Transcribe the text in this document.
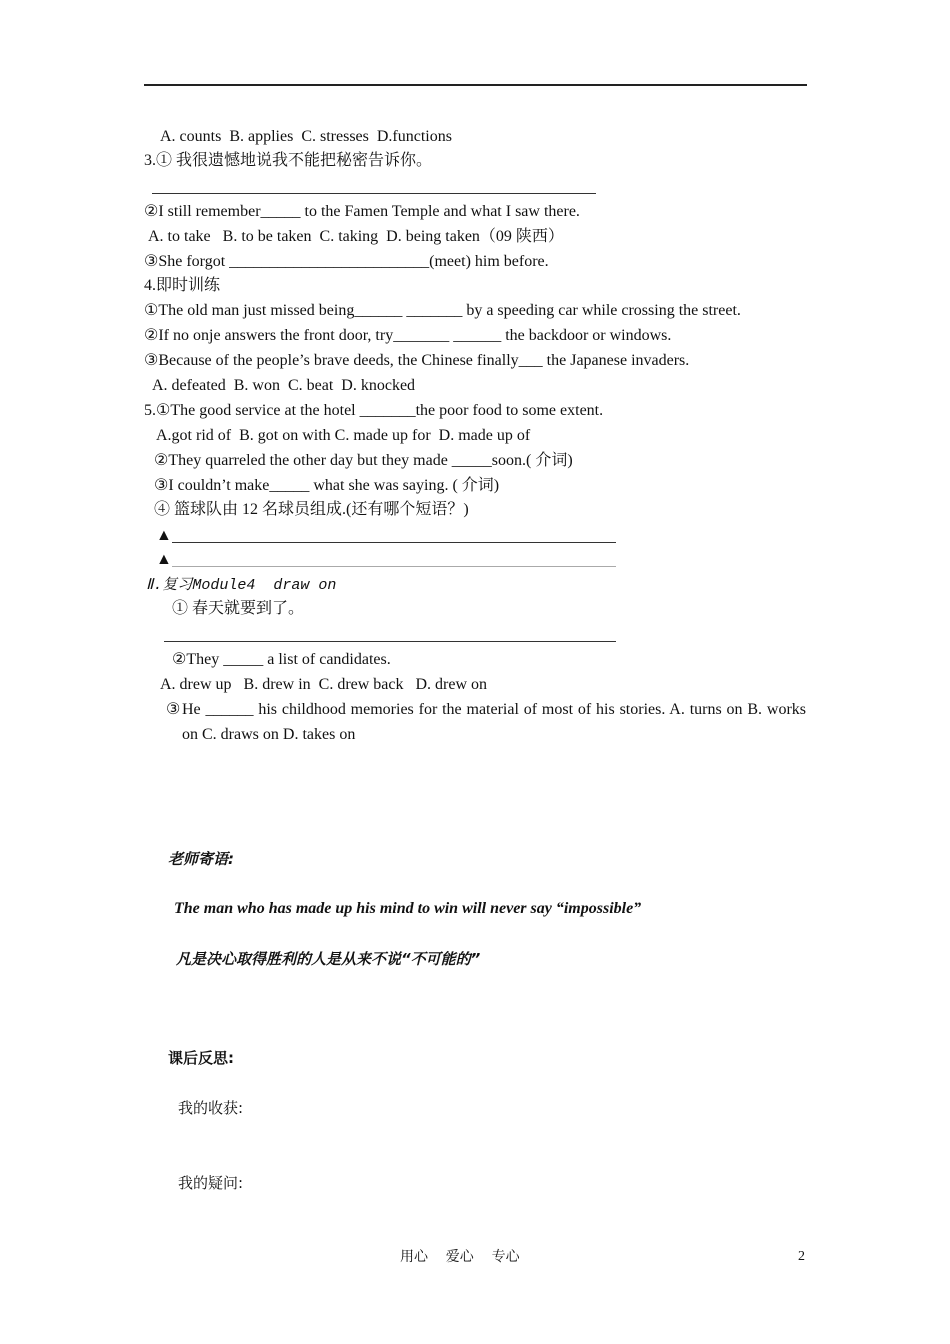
A. counts  B. applies  C. stresses  D.functions
3.① 我很遗憾地说我不能把秘密告诉你。
②I still remember_____ to the Famen Temple and what I saw there.
A. to take   B. to be taken  C. taking  D. being taken（09 陕西）
③She forgot _________________________(meet) him before.
4.即时训练
①The old man just missed being______ _______ by a speeding car while crossing the street.
②If no onje answers the front door, try_______ ______ the backdoor or windows.
③Because of the people’s brave deeds, the Chinese finally___ the Japanese invaders.
A. defeated  B. won  C. beat  D. knocked
5.①The good service at the hotel _______the poor food to some extent.
A.got rid of  B. got on with C. made up for  D. made up of
②They quarreled the other day but they made _____soon.( 介词)
③I couldn’t make_____ what she was saying. ( 介词)
④ 篮球队由 12 名球员组成.(还有哪个短语？)
▲
▲
Ⅱ.复习Module4  draw on
① 春天就要到了。
②They _____ a list of candidates.
A. drew up   B. drew in  C. drew back   D. drew on
③ He ______ his childhood memories for the material of most of his stories. A. turns on B. works on C. draws on D. takes on
老师寄语:
The man who has made up his mind to win will never say “impossible”
凡是决心取得胜利的人是从来不说“不可能的”
课后反思:
我的收获:
我的疑问:
用心    爱心    专心	2
